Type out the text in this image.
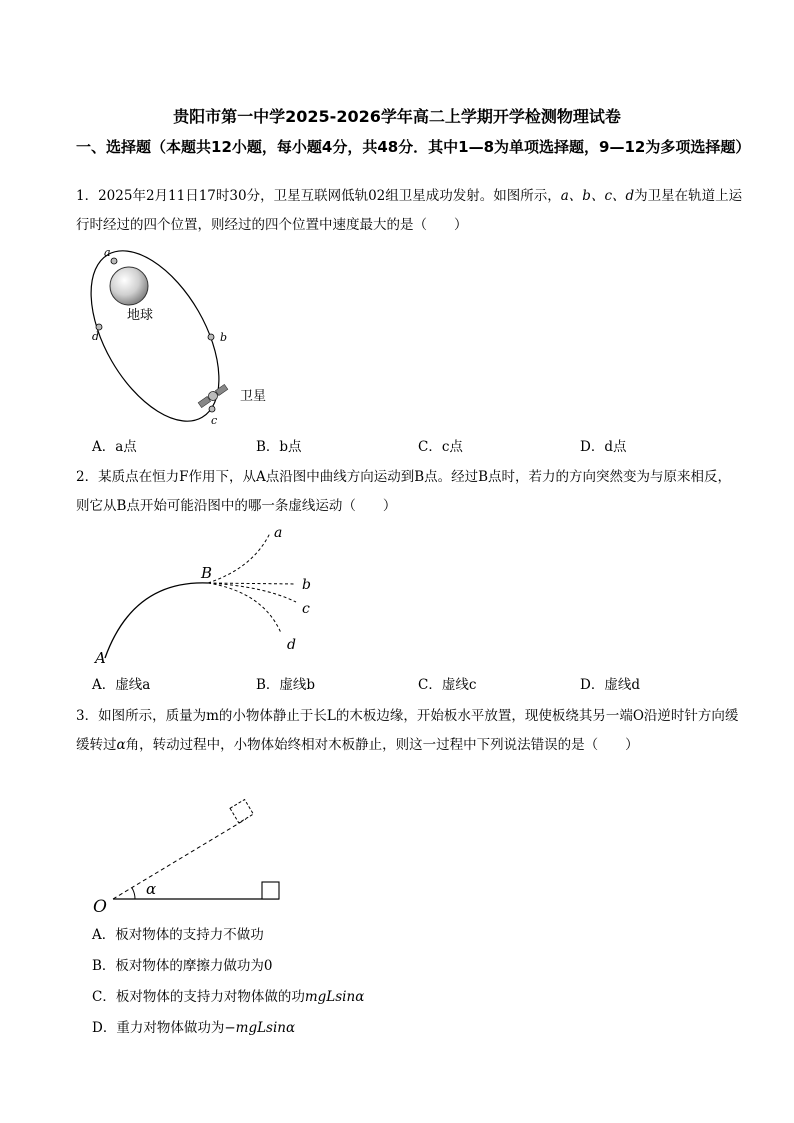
贵阳市第一中学2025-2026学年高二上学期开学检测物理试卷
一、选择题（本题共12小题，每小题4分，共48分．其中1—8为单项选择题，9—12为多项选择题）
1．2025年2月11日17时30分，卫星互联网低轨02组卫星成功发射。如图所示，a、b、c、d为卫星在轨道上运行时经过的四个位置，则经过的四个位置中速度最大的是（　　）
地球
a
b
c
d
卫星
A．a点	B．b点	C．c点	D．d点
2．某质点在恒力F作用下，从A点沿图中曲线方向运动到B点。经过B点时，若力的方向突然变为与原来相反，则它从B点开始可能沿图中的哪一条虚线运动（　　）
A
B
a
b
c
d
A．虚线a	B．虚线b	C．虚线c	D．虚线d
3．如图所示，质量为m的小物体静止于长L的木板边缘，开始板水平放置，现使板绕其另一端O沿逆时针方向缓缓转过α角，转动过程中，小物体始终相对木板静止，则这一过程中下列说法错误的是（　　）
α
O
A．板对物体的支持力不做功
B．板对物体的摩擦力做功为0
C．板对物体的支持力对物体做的功mgLsinα
D．重力对物体做功为−mgLsinα
